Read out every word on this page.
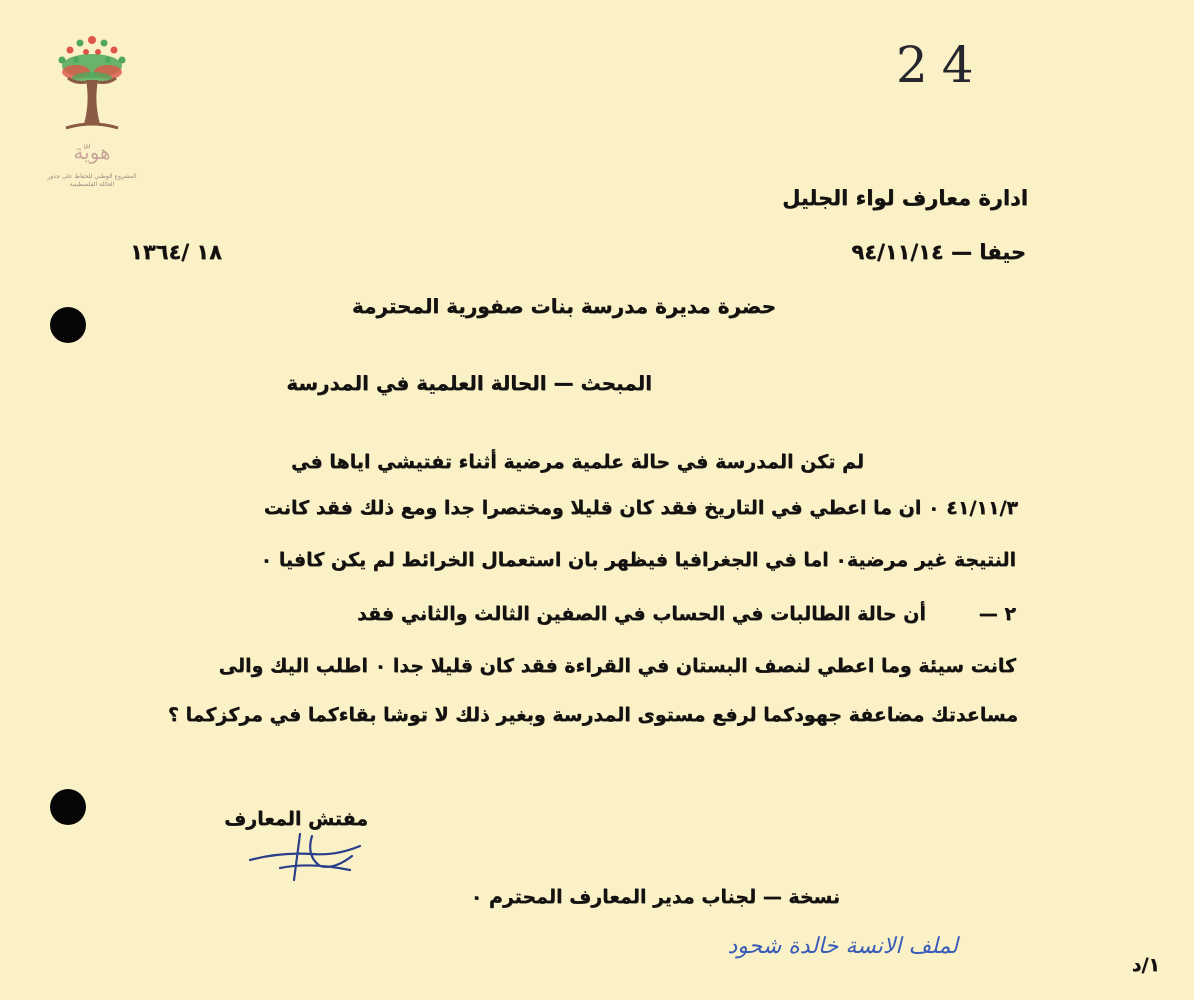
هويّة
المشروع الوطني للحفاظ على جذور العائلة الفلسطينية
24
ادارة معارف لواء الجليل
حيفا — ٩٤/١١/١٤
١٨ /١٣٦٤
حضرة مديرة مدرسة بنات صفورية المحترمة
المبحث — الحالة العلمية في المدرسة
لم تكن المدرسة في حالة علمية مرضية أثناء تفتيشي اياها في
٤١/١١/٣ ٠ ان ما اعطي في التاريخ فقد كان قليلا ومختصرا جدا ومع ذلك فقد كانت
النتيجة غير مرضية٠ اما في الجغرافيا فيظهر بان استعمال الخرائط لم يكن كافيا ٠
٢ —        أن حالة الطالبات في الحساب في الصفين الثالث والثاني فقد
كانت سيئة وما اعطي لنصف البستان في القراءة فقد كان قليلا جدا ٠ اطلب اليك والى
مساعدتك مضاعفة جهودكما لرفع مستوى المدرسة وبغير ذلك لا توشا بقاءكما في مركزكما ؟
مفتش المعارف
نسخة — لجناب مدير المعارف المحترم ٠
لملف الانسة خالدة شحود
١/د
